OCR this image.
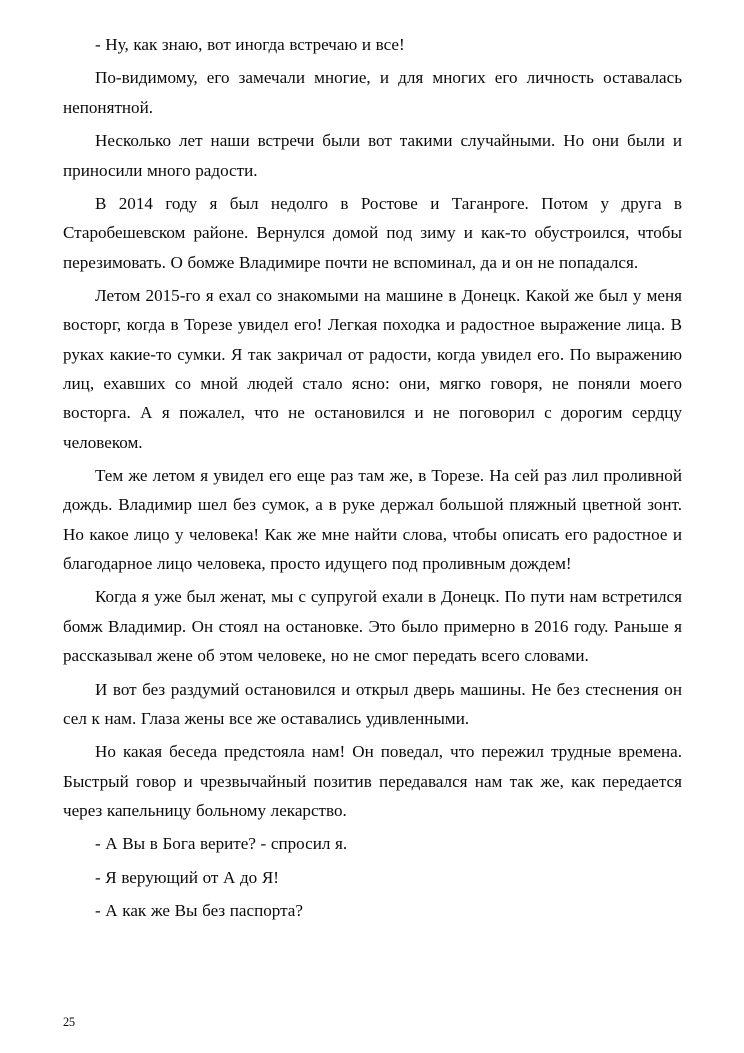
- Ну, как знаю, вот иногда встречаю и все!

По-видимому, его замечали многие, и для многих его личность оставалась непонятной.

Несколько лет наши встречи были вот такими случайными. Но они были и приносили много радости.

В 2014 году я был недолго в Ростове и Таганроге. Потом у друга в Старобешевском районе. Вернулся домой под зиму и как-то обустроился, чтобы перезимовать. О бомже Владимире почти не вспоминал, да и он не попадался.

Летом 2015-го я ехал со знакомыми на машине в Донецк. Какой же был у меня восторг, когда в Торезе увидел его! Легкая походка и радостное выражение лица. В руках какие-то сумки. Я так закричал от радости, когда увидел его. По выражению лиц, ехавших со мной людей стало ясно: они, мягко говоря, не поняли моего восторга. А я пожалел, что не остановился и не поговорил с дорогим сердцу человеком.

Тем же летом я увидел его еще раз там же, в Торезе. На сей раз лил проливной дождь. Владимир шел без сумок, а в руке держал большой пляжный цветной зонт. Но какое лицо у человека! Как же мне найти слова, чтобы описать его радостное и благодарное лицо человека, просто идущего под проливным дождем!

Когда я уже был женат, мы с супругой ехали в Донецк. По пути нам встретился бомж Владимир. Он стоял на остановке. Это было примерно в 2016 году. Раньше я рассказывал жене об этом человеке, но не смог передать всего словами.

И вот без раздумий остановился и открыл дверь машины. Не без стеснения он сел к нам. Глаза жены все же оставались удивленными.

Но какая беседа предстояла нам! Он поведал, что пережил трудные времена. Быстрый говор и чрезвычайный позитив передавался нам так же, как передается через капельницу больному лекарство.

- А Вы в Бога верите? - спросил я.

- Я верующий от А до Я!

- А как же Вы без паспорта?

25
